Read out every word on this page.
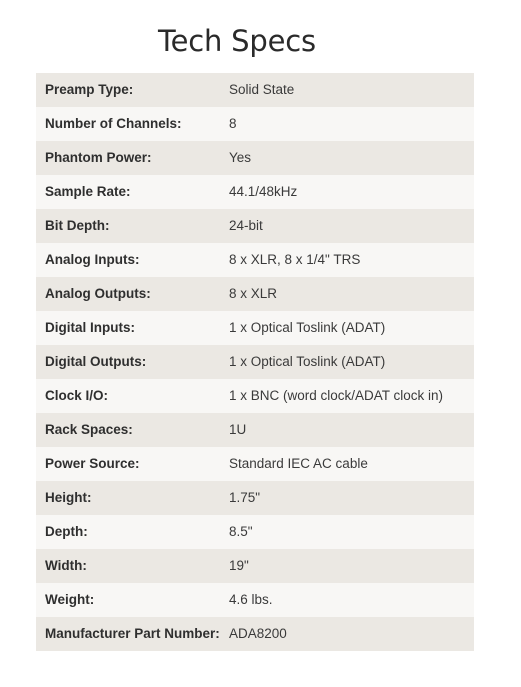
Tech Specs
Preamp Type:	Solid State
Number of Channels:	8
Phantom Power:	Yes
Sample Rate:	44.1/48kHz
Bit Depth:	24-bit
Analog Inputs:	8 x XLR, 8 x 1/4" TRS
Analog Outputs:	8 x XLR
Digital Inputs:	1 x Optical Toslink (ADAT)
Digital Outputs:	1 x Optical Toslink (ADAT)
Clock I/O:	1 x BNC (word clock/ADAT clock in)
Rack Spaces:	1U
Power Source:	Standard IEC AC cable
Height:	1.75"
Depth:	8.5"
Width:	19"
Weight:	4.6 lbs.
Manufacturer Part Number:	ADA8200
